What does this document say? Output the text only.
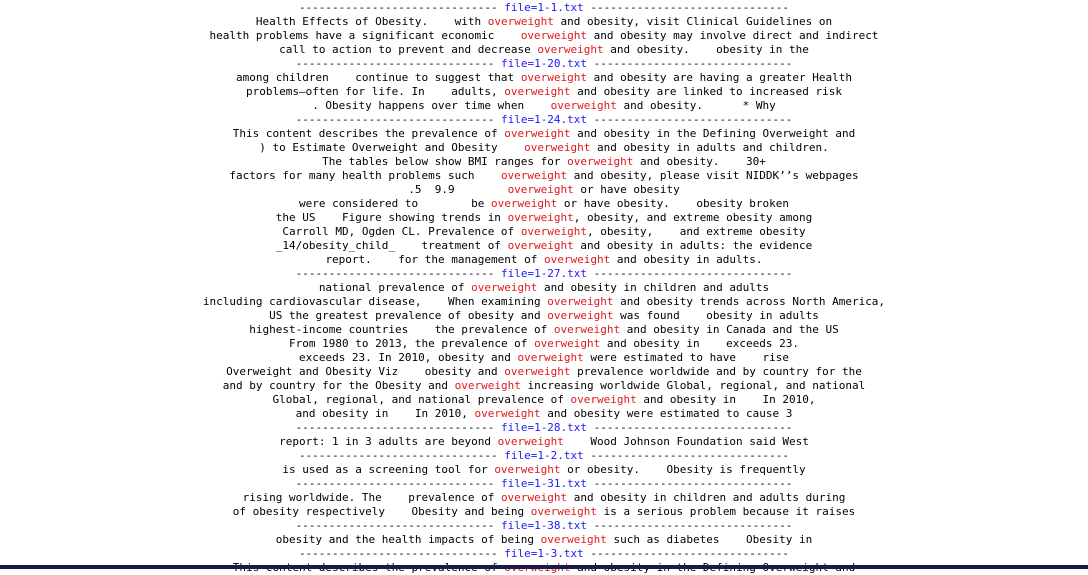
------------------------------ file=1-1.txt ------------------------------
Health Effects of Obesity.    with overweight and obesity, visit Clinical Guidelines on
health problems have a significant economic    overweight and obesity may involve direct and indirect
call to action to prevent and decrease overweight and obesity.    obesity in the
------------------------------ file=1-20.txt ------------------------------
among children    continue to suggest that overweight and obesity are having a greater Health
problems—often for life. In    adults, overweight and obesity are linked to increased risk
. Obesity happens over time when    overweight and obesity.      * Why
------------------------------ file=1-24.txt ------------------------------
This content describes the prevalence of overweight and obesity in the Defining Overweight and
) to Estimate Overweight and Obesity    overweight and obesity in adults and children.
The tables below show BMI ranges for overweight and obesity.    30+
factors for many health problems such    overweight and obesity, please visit NIDDK’’s webpages
.5  9.9        overweight or have obesity
were considered to        be overweight or have obesity.    obesity broken
the US    Figure showing trends in overweight, obesity, and extreme obesity among
Carroll MD, Ogden CL. Prevalence of overweight, obesity,    and extreme obesity
_14/obesity_child_    treatment of overweight and obesity in adults: the evidence
report.    for the management of overweight and obesity in adults.
------------------------------ file=1-27.txt ------------------------------
national prevalence of overweight and obesity in children and adults
including cardiovascular disease,    When examining overweight and obesity trends across North America,
US the greatest prevalence of obesity and overweight was found    obesity in adults
highest-income countries    the prevalence of overweight and obesity in Canada and the US
From 1980 to 2013, the prevalence of overweight and obesity in    exceeds 23.
exceeds 23. In 2010, obesity and overweight were estimated to have    rise
Overweight and Obesity Viz    obesity and overweight prevalence worldwide and by country for the
and by country for the Obesity and overweight increasing worldwide Global, regional, and national
Global, regional, and national prevalence of overweight and obesity in    In 2010,
and obesity in    In 2010, overweight and obesity were estimated to cause 3
------------------------------ file=1-28.txt ------------------------------
report: 1 in 3 adults are beyond overweight    Wood Johnson Foundation said West
------------------------------ file=1-2.txt ------------------------------
is used as a screening tool for overweight or obesity.    Obesity is frequently
------------------------------ file=1-31.txt ------------------------------
rising worldwide. The    prevalence of overweight and obesity in children and adults during
of obesity respectively    Obesity and being overweight is a serious problem because it raises
------------------------------ file=1-38.txt ------------------------------
obesity and the health impacts of being overweight such as diabetes    Obesity in
------------------------------ file=1-3.txt ------------------------------
